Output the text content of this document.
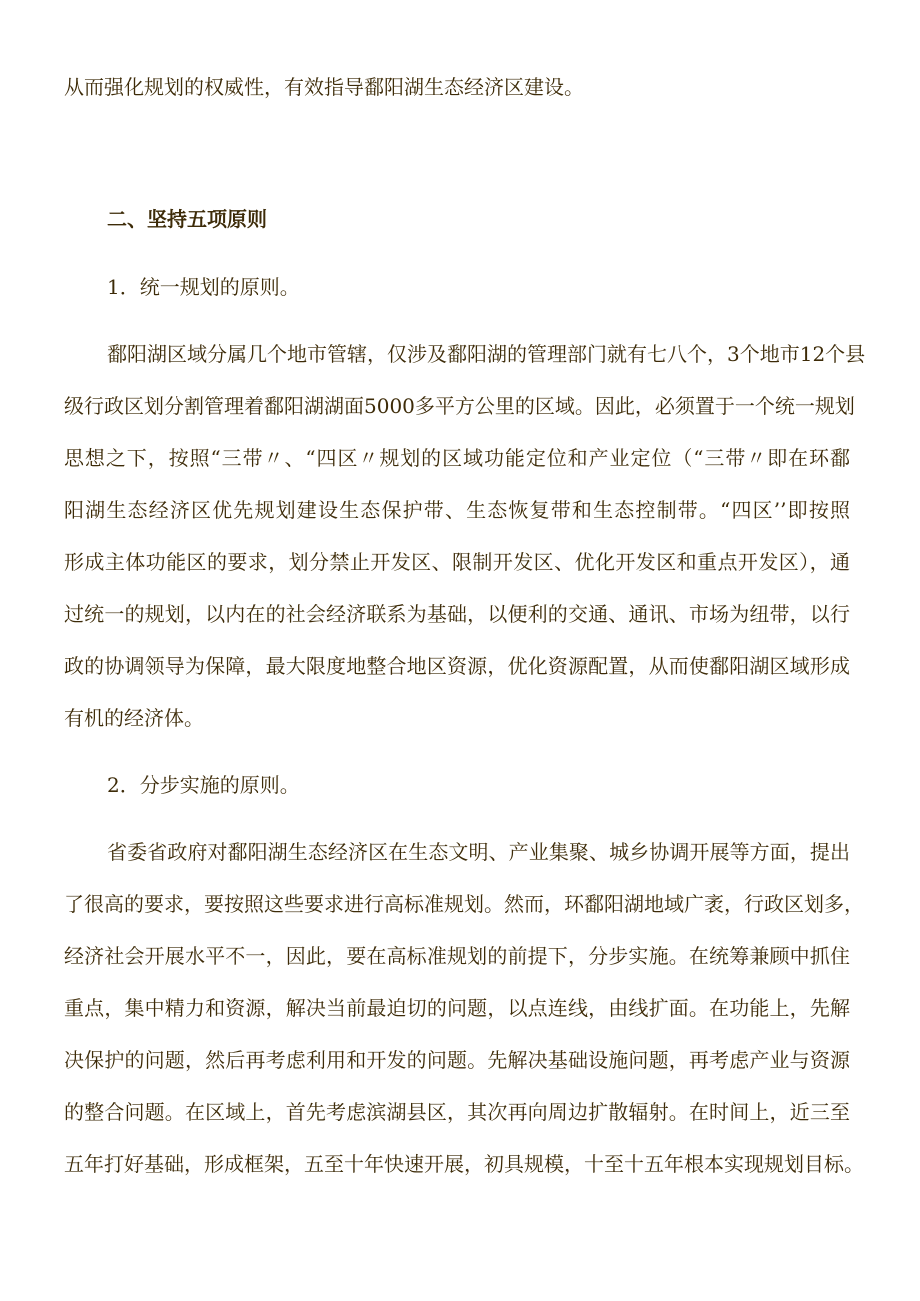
从而强化规划的权威性，有效指导鄱阳湖生态经济区建设。
二、坚持五项原则
1．统一规划的原则。
鄱阳湖区域分属几个地市管辖，仅涉及鄱阳湖的管理部门就有七八个，3个地市12个县
级行政区划分割管理着鄱阳湖湖面5000多平方公里的区域。因此，必须置于一个统一规划
思想之下，按照“三带〃、“四区〃规划的区域功能定位和产业定位（“三带〃即在环鄱
阳湖生态经济区优先规划建设生态保护带、生态恢复带和生态控制带。“四区’’即按照
形成主体功能区的要求，划分禁止开发区、限制开发区、优化开发区和重点开发区），通
过统一的规划，以内在的社会经济联系为基础，以便利的交通、通讯、市场为纽带，以行
政的协调领导为保障，最大限度地整合地区资源，优化资源配置，从而使鄱阳湖区域形成
有机的经济体。
2．分步实施的原则。
省委省政府对鄱阳湖生态经济区在生态文明、产业集聚、城乡协调开展等方面，提出
了很高的要求，要按照这些要求进行高标准规划。然而，环鄱阳湖地域广袤，行政区划多，
经济社会开展水平不一，因此，要在高标准规划的前提下，分步实施。在统筹兼顾中抓住
重点，集中精力和资源，解决当前最迫切的问题，以点连线，由线扩面。在功能上，先解
决保护的问题，然后再考虑利用和开发的问题。先解决基础设施问题，再考虑产业与资源
的整合问题。在区域上，首先考虑滨湖县区，其次再向周边扩散辐射。在时间上，近三至
五年打好基础，形成框架，五至十年快速开展，初具规模，十至十五年根本实现规划目标。
